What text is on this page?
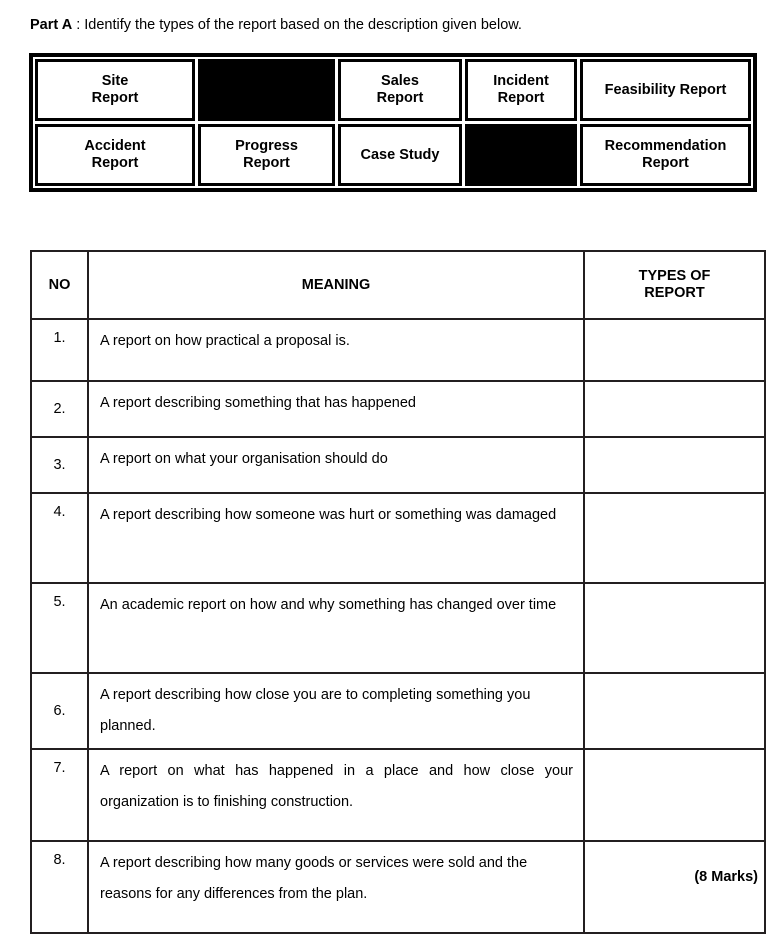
Part A : Identify the types of the report based on the description given below.
Site
Report
Sales
Report
Incident
Report
Feasibility Report
Accident
Report
Progress
Report
Case Study
Recommendation
Report
NO	MEANING	TYPES OF
REPORT
1.	A report on how practical a proposal is.	
2.	A report describing something that has happened	
3.	A report on what your organisation should do	
4.	A report describing how someone was hurt or something was damaged	
5.	An academic report on how and why something has changed over time	
6.	A report describing how close you are to completing something you planned.	
7.	A report on what has happened in a place and how close your organization is to finishing construction.	
8.	A report describing how many goods or services were sold and the reasons for any differences from the plan.	
(8 Marks)
